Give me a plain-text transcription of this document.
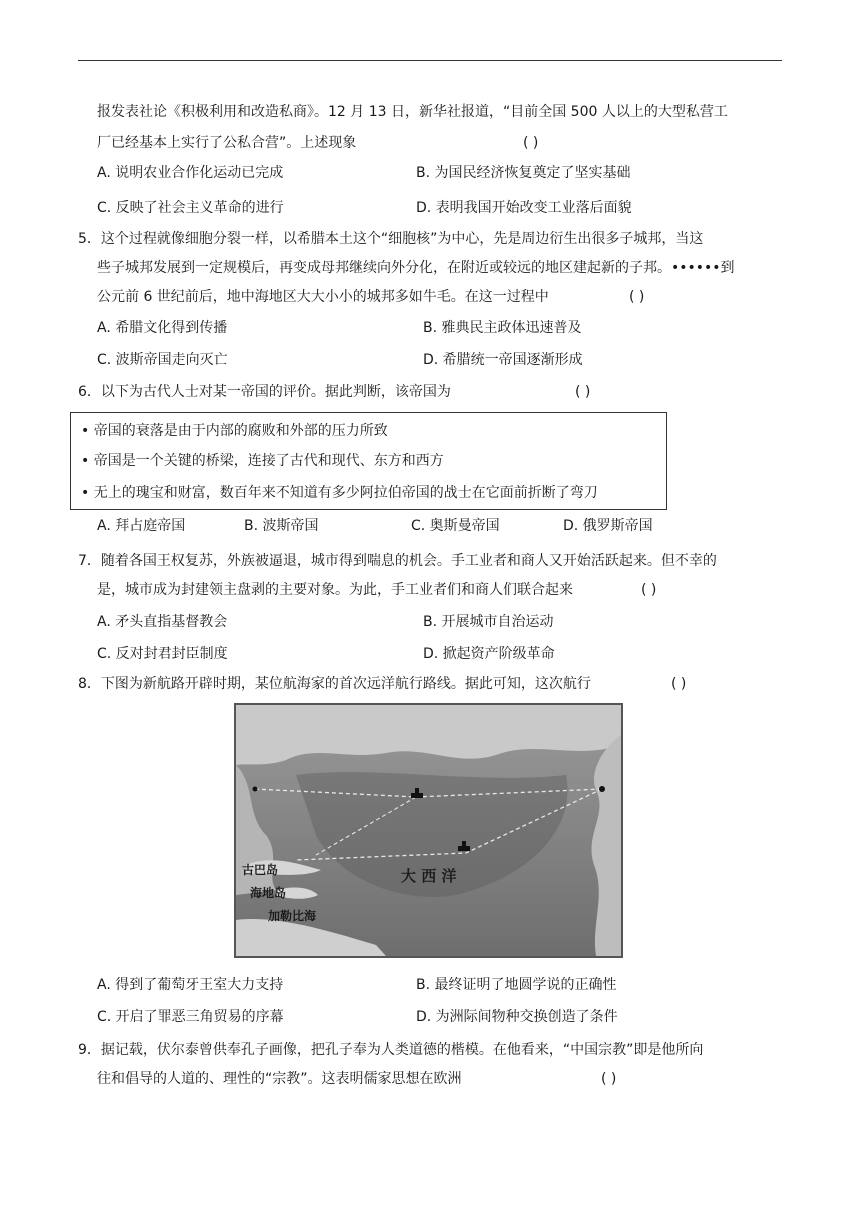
报发表社论《积极利用和改造私商》。12 月 13 日，新华社报道，“目前全国 500 人以上的大型私营工
厂已经基本上实行了公私合营”。上述现象	( )
A. 说明农业合作化运动已完成	B. 为国民经济恢复奠定了坚实基础
C. 反映了社会主义革命的进行	D. 表明我国开始改变工业落后面貌
5．这个过程就像细胞分裂一样，以希腊本土这个“细胞核”为中心，先是周边衍生出很多子城邦，当这
些子城邦发展到一定规模后，再变成母邦继续向外分化，在附近或较远的地区建起新的子邦。••••••到
公元前 6 世纪前后，地中海地区大大小小的城邦多如牛毛。在这一过程中	( )
A. 希腊文化得到传播	B. 雅典民主政体迅速普及
C. 波斯帝国走向灭亡	D. 希腊统一帝国逐渐形成
6．以下为古代人士对某一帝国的评价。据此判断，该帝国为	( )
• 帝国的衰落是由于内部的腐败和外部的压力所致
• 帝国是一个关键的桥梁，连接了古代和现代、东方和西方
• 无上的瑰宝和财富，数百年来不知道有多少阿拉伯帝国的战士在它面前折断了弯刀
A. 拜占庭帝国	B. 波斯帝国	C. 奥斯曼帝国	D. 俄罗斯帝国
7．随着各国王权复苏，外族被逼退，城市得到喘息的机会。手工业者和商人又开始活跃起来。但不幸的
是，城市成为封建领主盘剥的主要对象。为此，手工业者们和商人们联合起来	( )
A. 矛头直指基督教会	B. 开展城市自治运动
C. 反对封君封臣制度	D. 掀起资产阶级革命
8．下图为新航路开辟时期，某位航海家的首次远洋航行路线。据此可知，这次航行	( )
古巴岛
海地岛
加勒比海
大 西 洋
A. 得到了葡萄牙王室大力支持	B. 最终证明了地圆学说的正确性
C. 开启了罪恶三角贸易的序幕	D. 为洲际间物种交换创造了条件
9．据记载，伏尔泰曾供奉孔子画像，把孔子奉为人类道德的楷模。在他看来，“中国宗教”即是他所向
往和倡导的人道的、理性的“宗教”。这表明儒家思想在欧洲	( )
